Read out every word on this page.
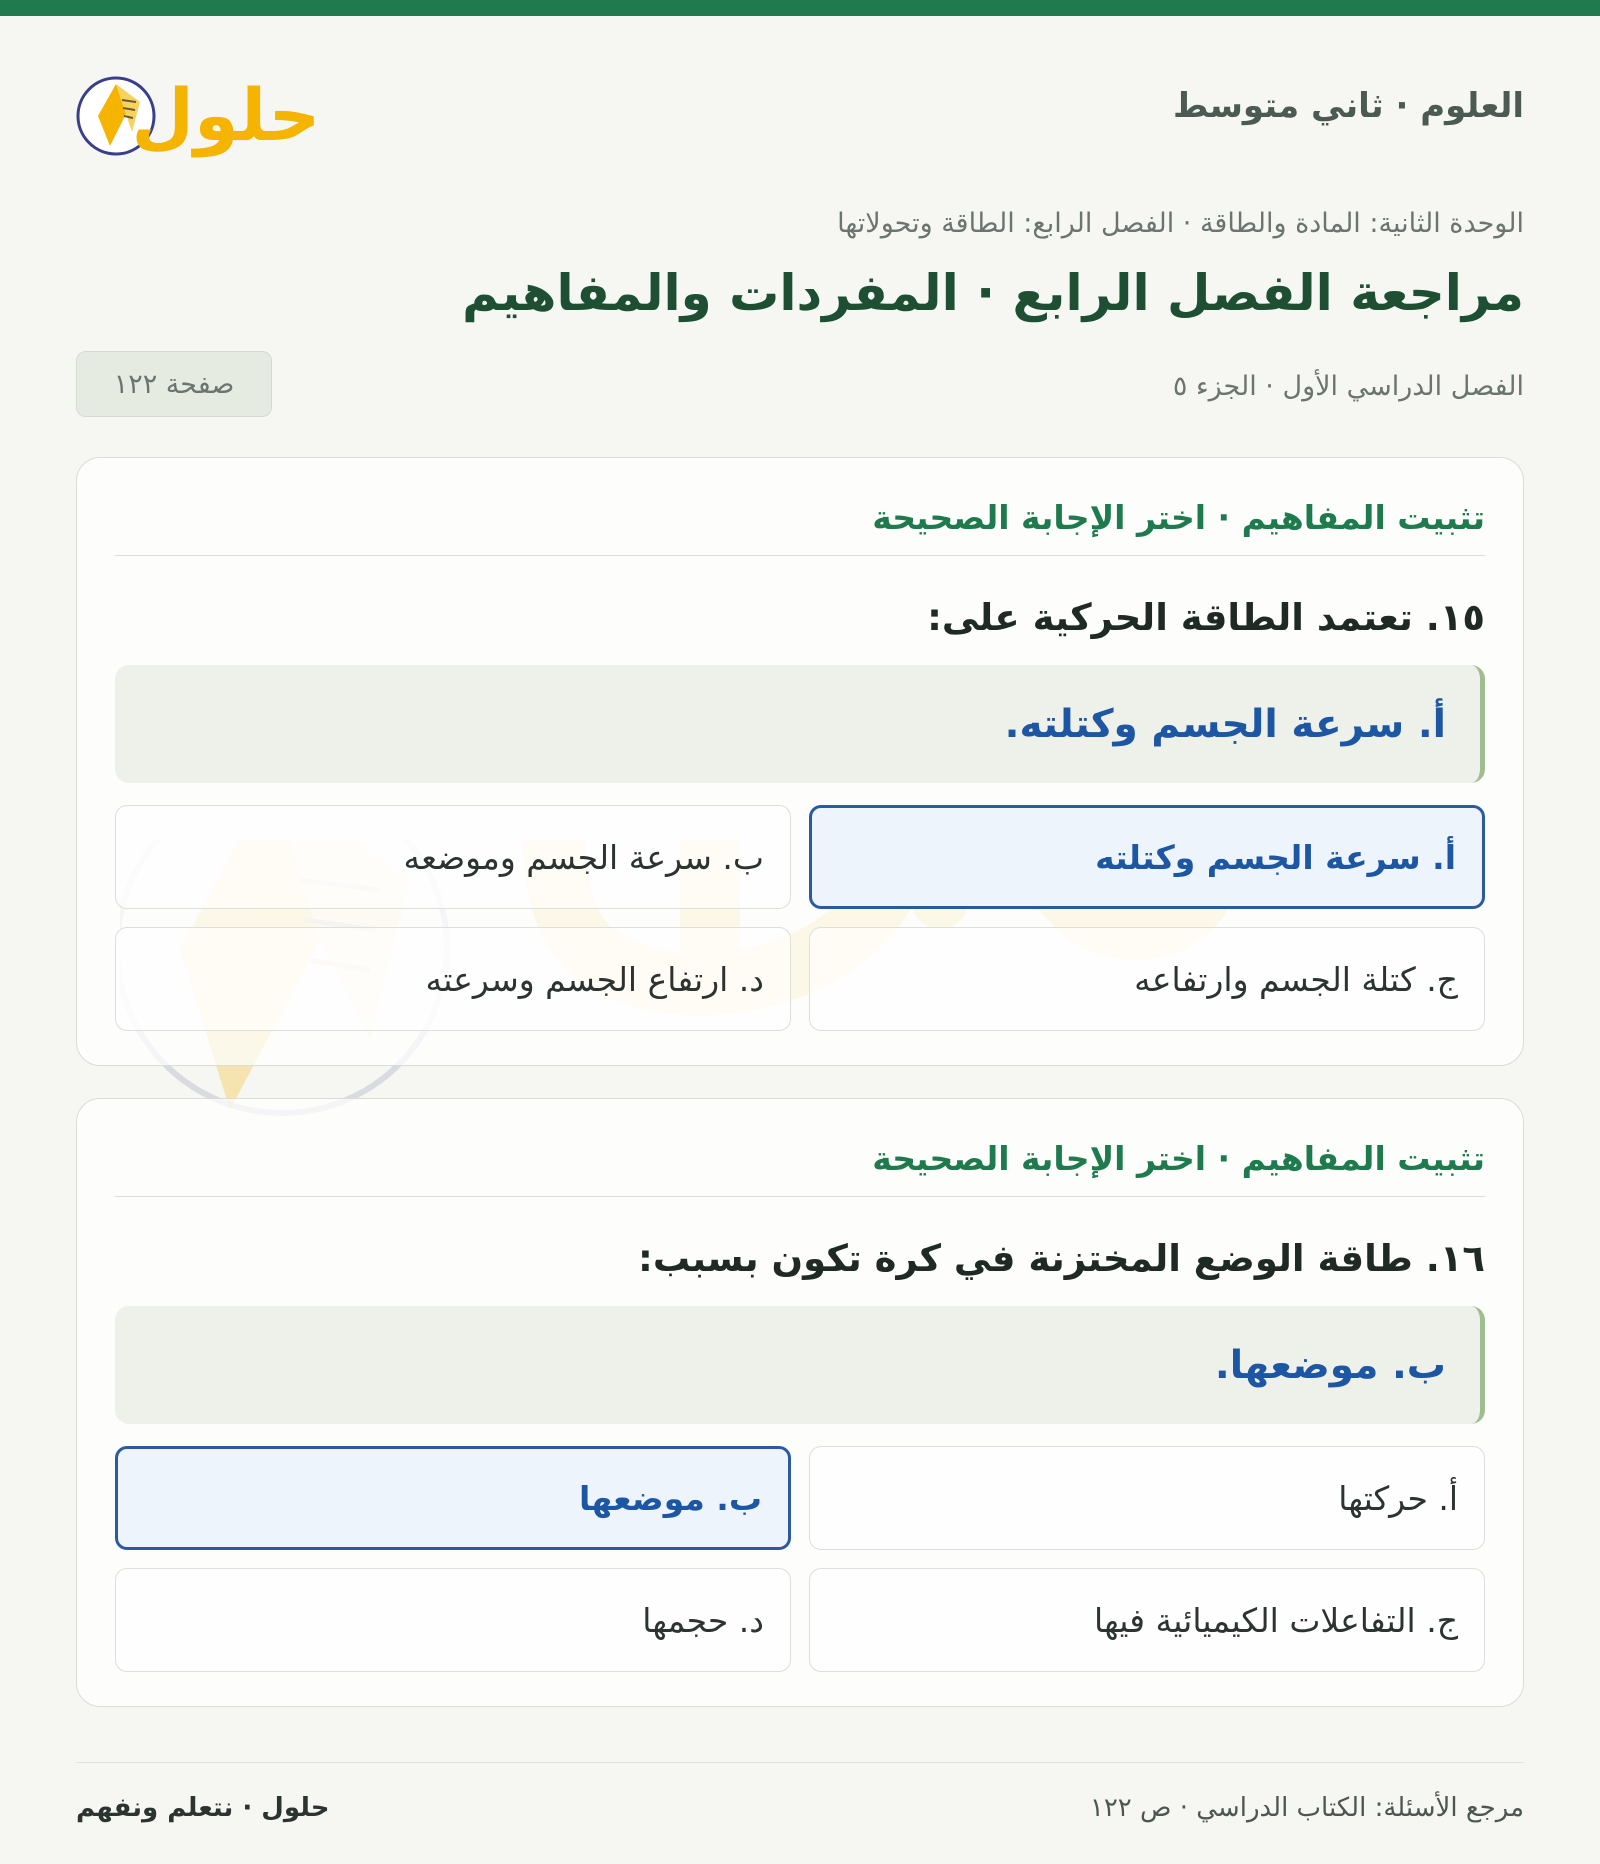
العلوم · ثاني متوسط
حلول
الوحدة الثانية: المادة والطاقة · الفصل الرابع: الطاقة وتحولاتها
مراجعة الفصل الرابع · المفردات والمفاهيم
الفصل الدراسي الأول · الجزء ٥
صفحة ١٢٢
تثبيت المفاهيم · اختر الإجابة الصحيحة
١٥. تعتمد الطاقة الحركية على:
أ. سرعة الجسم وكتلته.
أ. سرعة الجسم وكتلته
ب. سرعة الجسم وموضعه
ج. كتلة الجسم وارتفاعه
د. ارتفاع الجسم وسرعته
تثبيت المفاهيم · اختر الإجابة الصحيحة
١٦. طاقة الوضع المختزنة في كرة تكون بسبب:
ب. موضعها.
أ. حركتها
ب. موضعها
ج. التفاعلات الكيميائية فيها
د. حجمها
مرجع الأسئلة: الكتاب الدراسي · ص ١٢٢
حلول · نتعلم ونفهم
